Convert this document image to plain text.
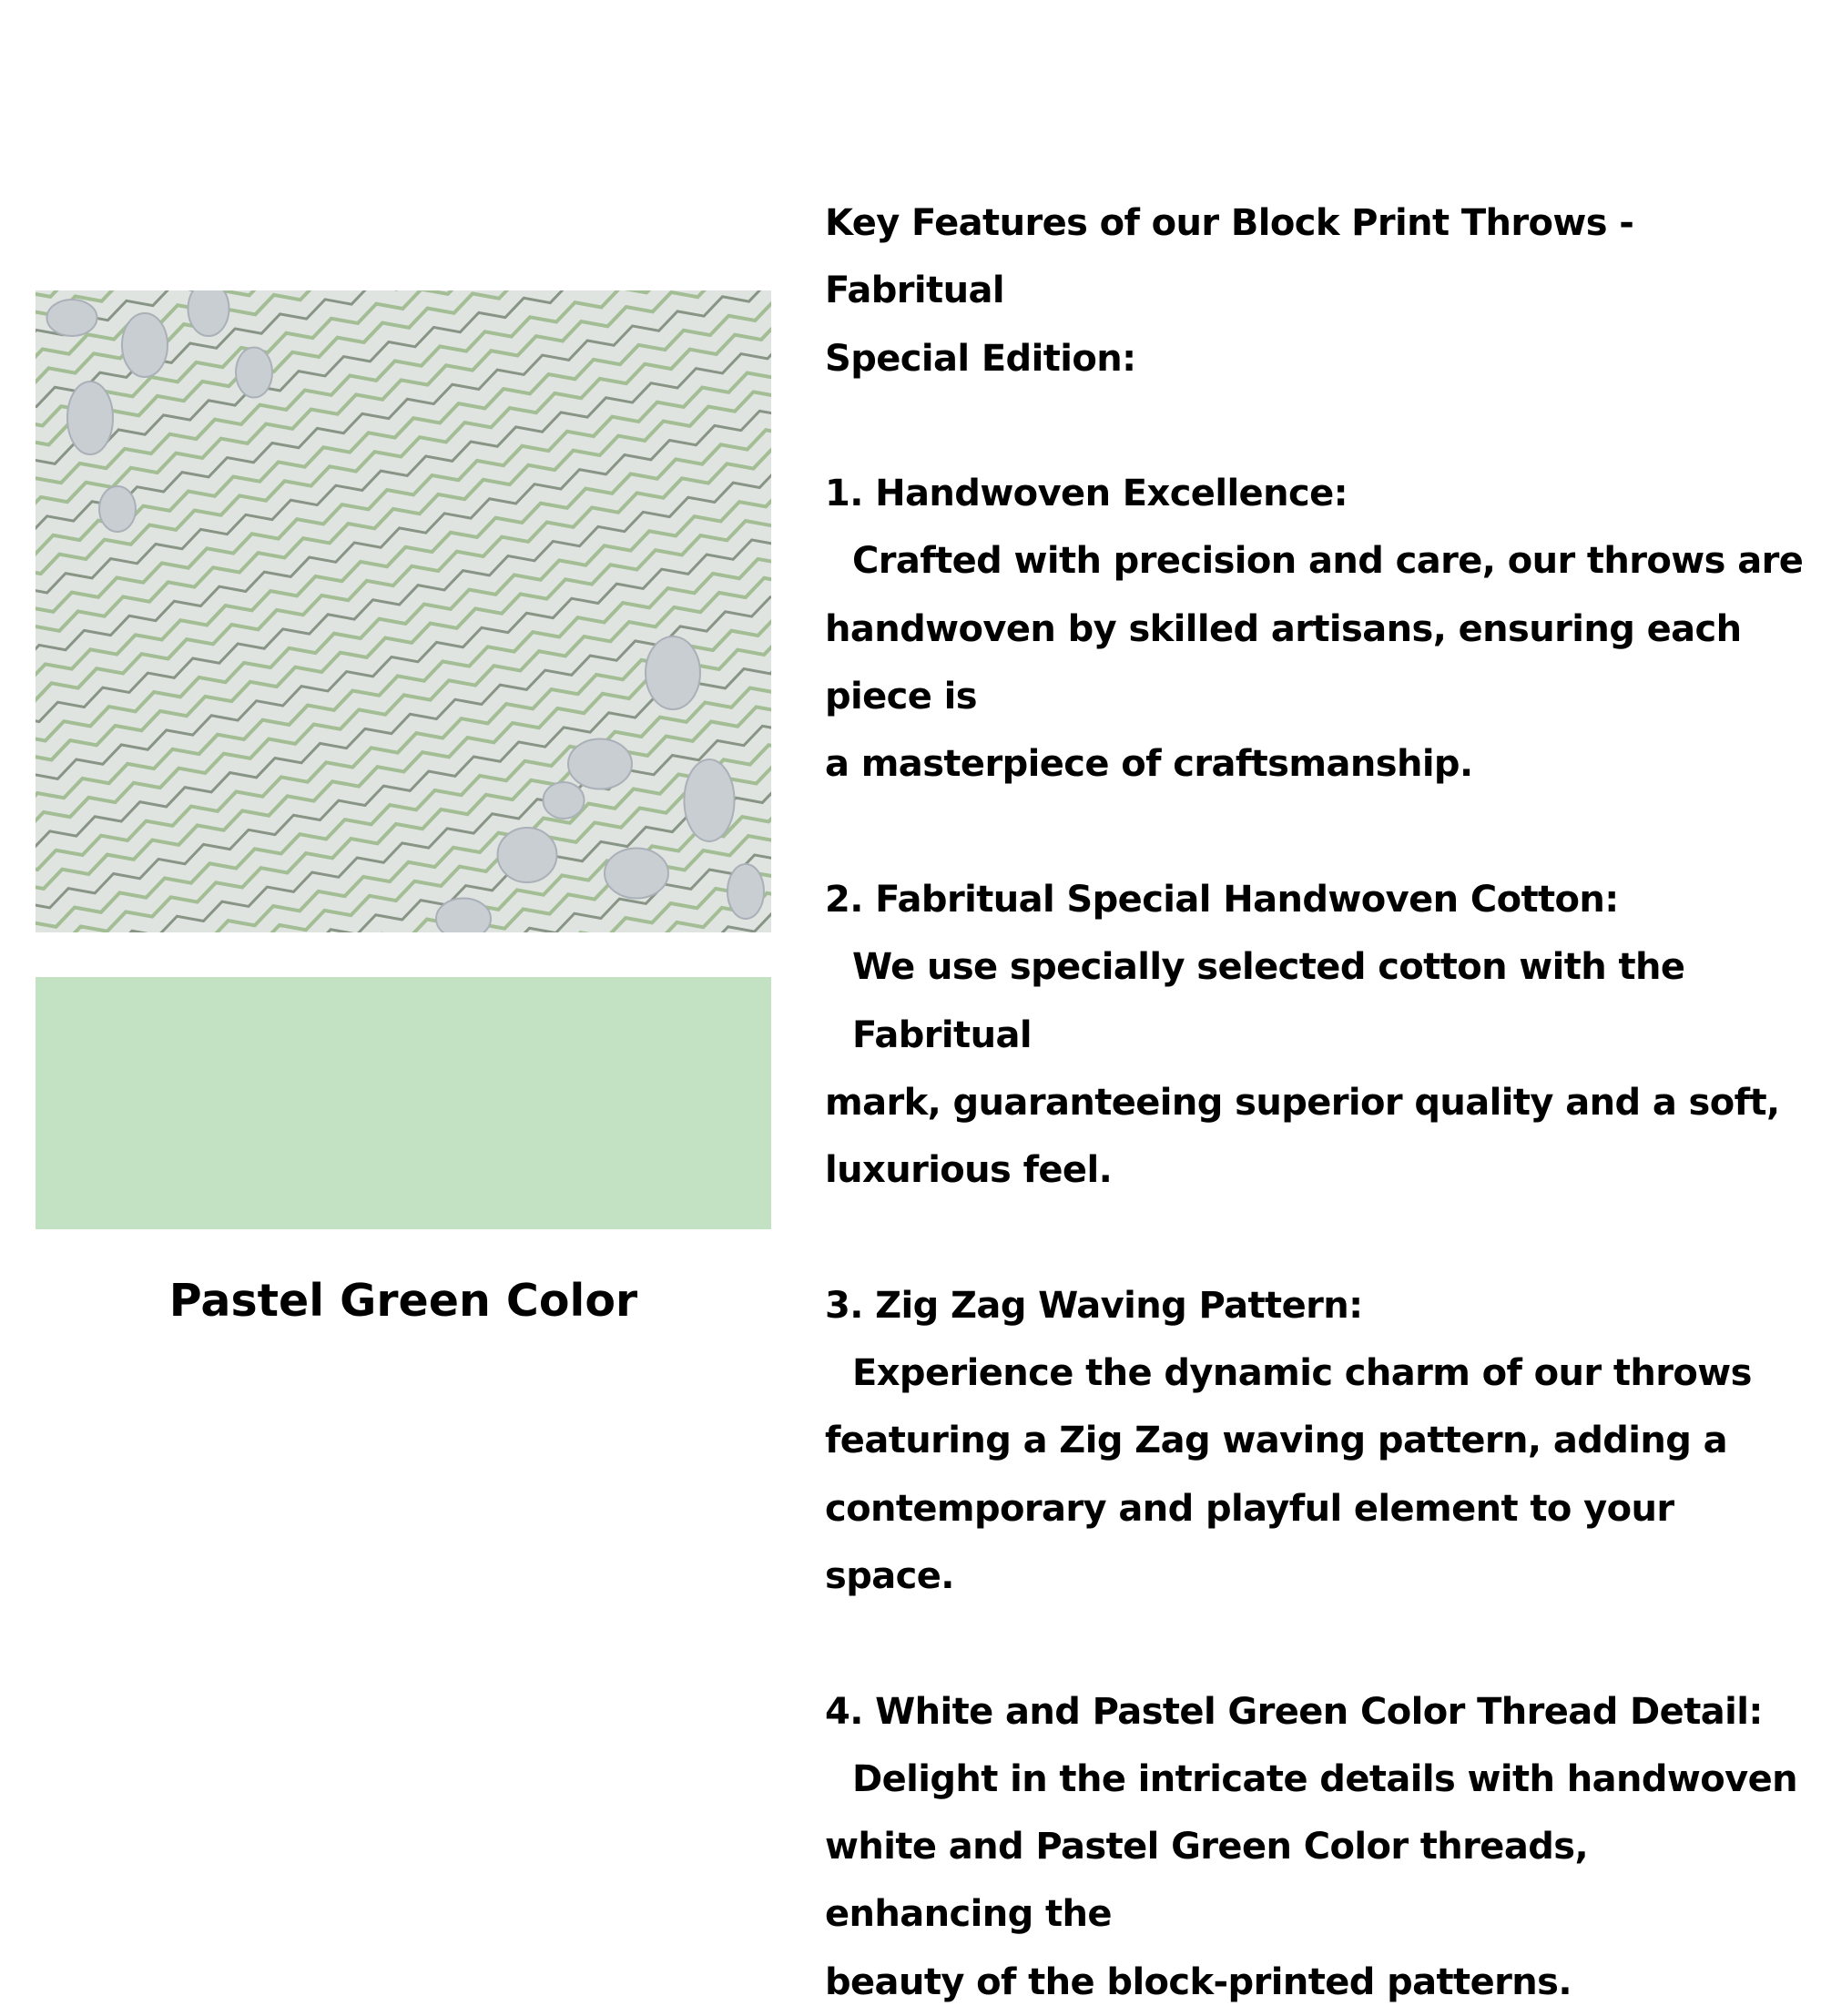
Pastel Green Color

Key Features of our Block Print Throws - Fabritual

Special Edition:

1. Handwoven Excellence:

Crafted with precision and care, our throws are

handwoven by skilled artisans, ensuring each piece is

a masterpiece of craftsmanship.

2. Fabritual Special Handwoven Cotton:

We use specially selected cotton with the Fabritual

mark, guaranteeing superior quality and a soft,

luxurious feel.

3. Zig Zag Waving Pattern:

Experience the dynamic charm of our throws

featuring a Zig Zag waving pattern, adding a

contemporary and playful element to your space.

4. White and Pastel Green Color Thread Detail:

Delight in the intricate details with handwoven

white and Pastel Green Color threads, enhancing the

beauty of the block-printed patterns.
